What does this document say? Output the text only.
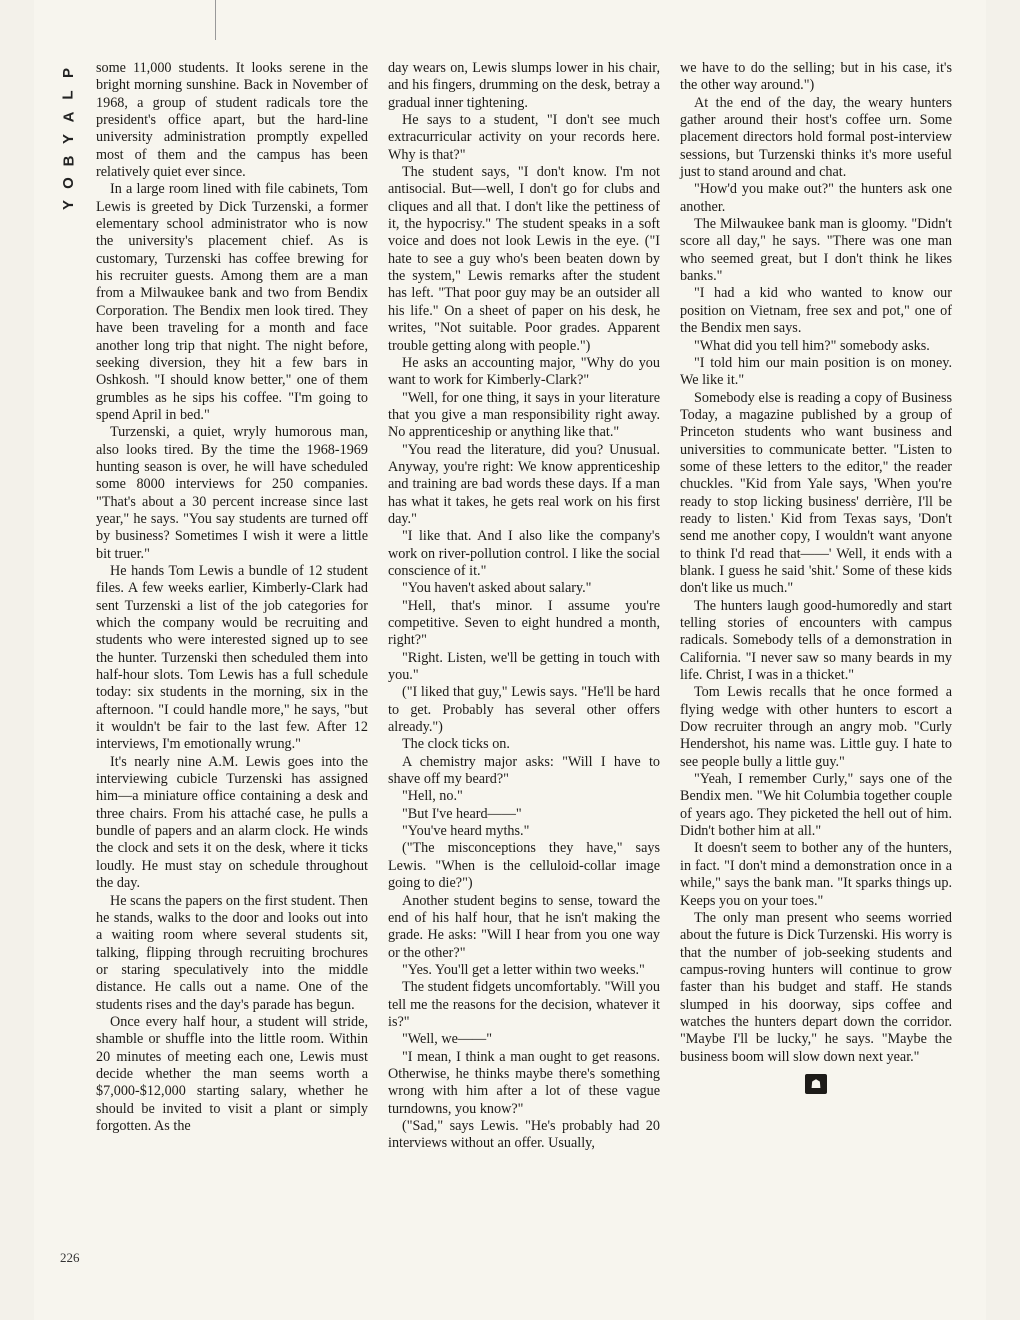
P
L
A
Y
B
O
Y
226

some 11,000 students. It looks serene in the bright morning sunshine. Back in November of 1968, a group of student radicals tore the president's office apart, but the hard-line university administration promptly expelled most of them and the campus has been relatively quiet ever since.

In a large room lined with file cabinets, Tom Lewis is greeted by Dick Turzenski, a former elementary school administrator who is now the university's placement chief. As is customary, Turzenski has coffee brewing for his recruiter guests. Among them are a man from a Milwaukee bank and two from Bendix Corporation. The Bendix men look tired. They have been traveling for a month and face another long trip that night. The night before, seeking diversion, they hit a few bars in Oshkosh. "I should know better," one of them grumbles as he sips his coffee. "I'm going to spend April in bed."

Turzenski, a quiet, wryly humorous man, also looks tired. By the time the 1968-1969 hunting season is over, he will have scheduled some 8000 interviews for 250 companies. "That's about a 30 percent increase since last year," he says. "You say students are turned off by business? Sometimes I wish it were a little bit truer."

He hands Tom Lewis a bundle of 12 student files. A few weeks earlier, Kimberly-Clark had sent Turzenski a list of the job categories for which the company would be recruiting and students who were interested signed up to see the hunter. Turzenski then scheduled them into half-hour slots. Tom Lewis has a full schedule today: six students in the morning, six in the afternoon. "I could handle more," he says, "but it wouldn't be fair to the last few. After 12 interviews, I'm emotionally wrung."

It's nearly nine A.M. Lewis goes into the interviewing cubicle Turzenski has assigned him—a miniature office containing a desk and three chairs. From his attaché case, he pulls a bundle of papers and an alarm clock. He winds the clock and sets it on the desk, where it ticks loudly. He must stay on schedule throughout the day.

He scans the papers on the first student. Then he stands, walks to the door and looks out into a waiting room where several students sit, talking, flipping through recruiting brochures or staring speculatively into the middle distance. He calls out a name. One of the students rises and the day's parade has begun.

Once every half hour, a student will stride, shamble or shuffle into the little room. Within 20 minutes of meeting each one, Lewis must decide whether the man seems worth a $7,000-$12,000 starting salary, whether he should be invited to visit a plant or simply forgotten. As the

day wears on, Lewis slumps lower in his chair, and his fingers, drumming on the desk, betray a gradual inner tightening.

He says to a student, "I don't see much extracurricular activity on your records here. Why is that?"

The student says, "I don't know. I'm not antisocial. But—well, I don't go for clubs and cliques and all that. I don't like the pettiness of it, the hypocrisy." The student speaks in a soft voice and does not look Lewis in the eye. ("I hate to see a guy who's been beaten down by the system," Lewis remarks after the student has left. "That poor guy may be an outsider all his life." On a sheet of paper on his desk, he writes, "Not suitable. Poor grades. Apparent trouble getting along with people.")

He asks an accounting major, "Why do you want to work for Kimberly-Clark?"

"Well, for one thing, it says in your literature that you give a man responsibility right away. No apprenticeship or anything like that."

"You read the literature, did you? Unusual. Anyway, you're right: We know apprenticeship and training are bad words these days. If a man has what it takes, he gets real work on his first day."

"I like that. And I also like the company's work on river-pollution control. I like the social conscience of it."

"You haven't asked about salary."

"Hell, that's minor. I assume you're competitive. Seven to eight hundred a month, right?"

"Right. Listen, we'll be getting in touch with you."

("I liked that guy," Lewis says. "He'll be hard to get. Probably has several other offers already.")

The clock ticks on.

A chemistry major asks: "Will I have to shave off my beard?"

"Hell, no."

"But I've heard——"

"You've heard myths."

("The misconceptions they have," says Lewis. "When is the celluloid-collar image going to die?")

Another student begins to sense, toward the end of his half hour, that he isn't making the grade. He asks: "Will I hear from you one way or the other?"

"Yes. You'll get a letter within two weeks."

The student fidgets uncomfortably. "Will you tell me the reasons for the decision, whatever it is?"

"Well, we——"

"I mean, I think a man ought to get reasons. Otherwise, he thinks maybe there's something wrong with him after a lot of these vague turndowns, you know?"

("Sad," says Lewis. "He's probably had 20 interviews without an offer. Usually,

we have to do the selling; but in his case, it's the other way around.")

At the end of the day, the weary hunters gather around their host's coffee urn. Some placement directors hold formal post-interview sessions, but Turzenski thinks it's more useful just to stand around and chat.

"How'd you make out?" the hunters ask one another.

The Milwaukee bank man is gloomy. "Didn't score all day," he says. "There was one man who seemed great, but I don't think he likes banks."

"I had a kid who wanted to know our position on Vietnam, free sex and pot," one of the Bendix men says.

"What did you tell him?" somebody asks.

"I told him our main position is on money. We like it."

Somebody else is reading a copy of Business Today, a magazine published by a group of Princeton students who want business and universities to communicate better. "Listen to some of these letters to the editor," the reader chuckles. "Kid from Yale says, 'When you're ready to stop licking business' derrière, I'll be ready to listen.' Kid from Texas says, 'Don't send me another copy, I wouldn't want anyone to think I'd read that——' Well, it ends with a blank. I guess he said 'shit.' Some of these kids don't like us much."

The hunters laugh good-humoredly and start telling stories of encounters with campus radicals. Somebody tells of a demonstration in California. "I never saw so many beards in my life. Christ, I was in a thicket."

Tom Lewis recalls that he once formed a flying wedge with other hunters to escort a Dow recruiter through an angry mob. "Curly Hendershot, his name was. Little guy. I hate to see people bully a little guy."

"Yeah, I remember Curly," says one of the Bendix men. "We hit Columbia together couple of years ago. They picketed the hell out of him. Didn't bother him at all."

It doesn't seem to bother any of the hunters, in fact. "I don't mind a demonstration once in a while," says the bank man. "It sparks things up. Keeps you on your toes."

The only man present who seems worried about the future is Dick Turzenski. His worry is that the number of job-seeking students and campus-roving hunters will continue to grow faster than his budget and staff. He stands slumped in his doorway, sips coffee and watches the hunters depart down the corridor. "Maybe I'll be lucky," he says. "Maybe the business boom will slow down next year."

☗
